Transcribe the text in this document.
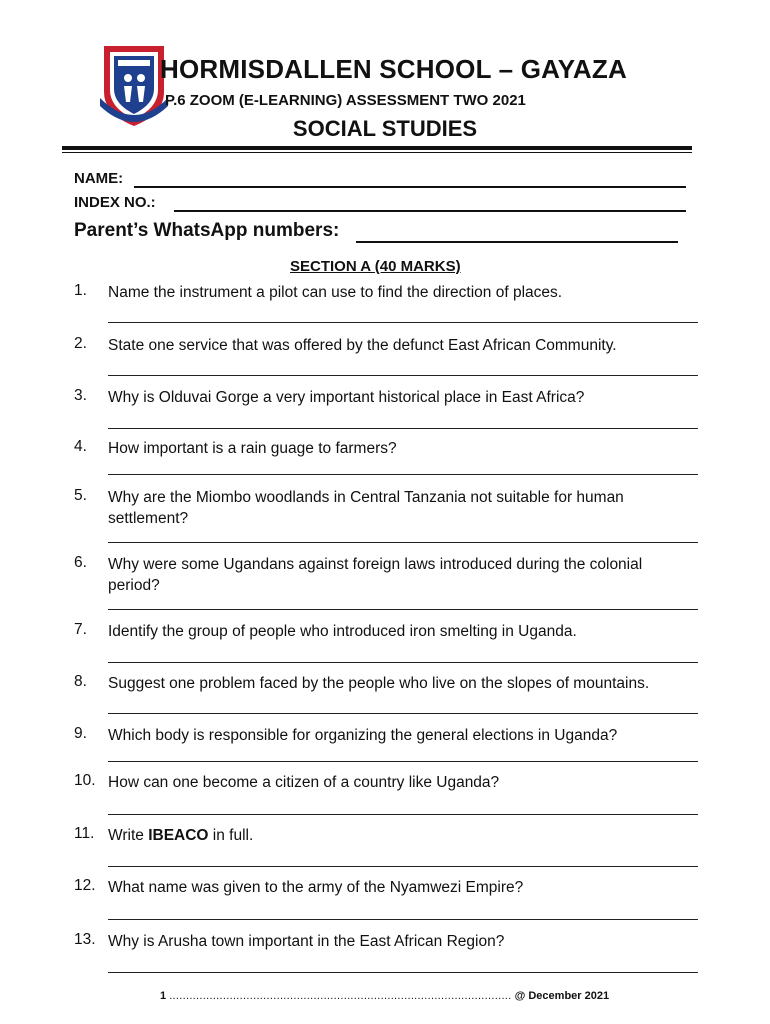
HORMISDALLEN SCHOOL – GAYAZA
P.6 ZOOM (E-LEARNING) ASSESSMENT TWO 2021
SOCIAL STUDIES
NAME:
INDEX NO.:
Parent’s WhatsApp numbers:
SECTION A (40 MARKS)
1. Name the instrument a pilot can use to find the direction of places.
2. State one service that was offered by the defunct East African Community.
3. Why is Olduvai Gorge a very important historical place in East Africa?
4. How important is a rain guage to farmers?
5. Why are the Miombo woodlands in Central Tanzania not suitable for human settlement?
6. Why were some Ugandans against foreign laws introduced during the colonial period?
7. Identify the group of people who introduced iron smelting in Uganda.
8. Suggest one problem faced by the people who live on the slopes of mountains.
9. Which body is responsible for organizing the general elections in Uganda?
10. How can one become a citizen of a country like Uganda?
11. Write IBEACO in full.
12. What name was given to the army of the Nyamwezi Empire?
13. Why is Arusha town important in the East African Region?
1 ...................................................................................................... @ December 2021
